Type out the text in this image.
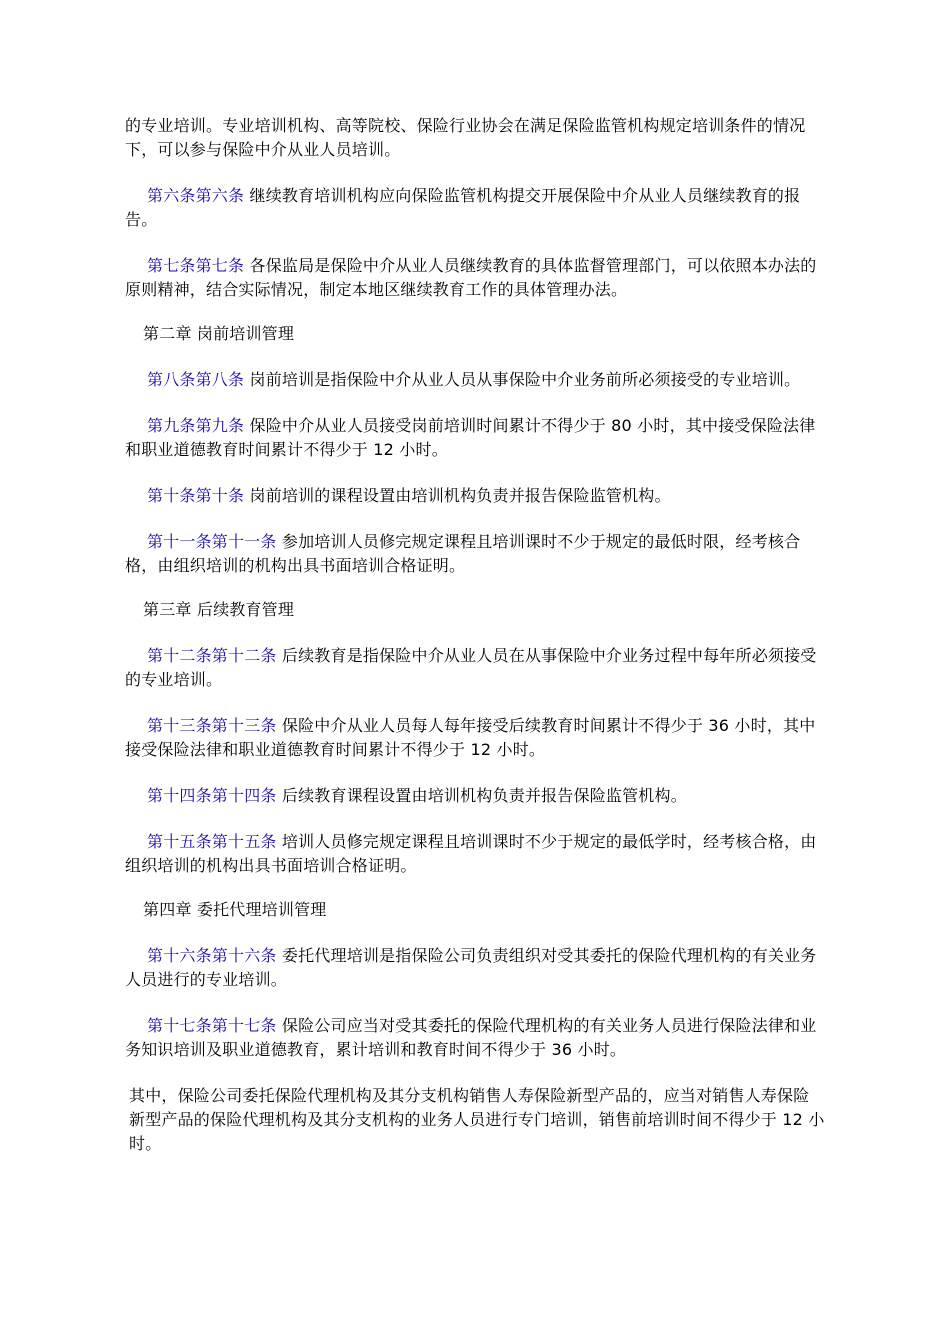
的专业培训。专业培训机构、高等院校、保险行业协会在满足保险监管机构规定培训条件的情况下，可以参与保险中介从业人员培训。

第六条第六条 继续教育培训机构应向保险监管机构提交开展保险中介从业人员继续教育的报告。

第七条第七条 各保监局是保险中介从业人员继续教育的具体监督管理部门，可以依照本办法的原则精神，结合实际情况，制定本地区继续教育工作的具体管理办法。

第二章 岗前培训管理

第八条第八条 岗前培训是指保险中介从业人员从事保险中介业务前所必须接受的专业培训。

第九条第九条 保险中介从业人员接受岗前培训时间累计不得少于 80 小时，其中接受保险法律和职业道德教育时间累计不得少于 12 小时。

第十条第十条 岗前培训的课程设置由培训机构负责并报告保险监管机构。

第十一条第十一条 参加培训人员修完规定课程且培训课时不少于规定的最低时限，经考核合格，由组织培训的机构出具书面培训合格证明。

第三章 后续教育管理

第十二条第十二条 后续教育是指保险中介从业人员在从事保险中介业务过程中每年所必须接受的专业培训。

第十三条第十三条 保险中介从业人员每人每年接受后续教育时间累计不得少于 36 小时，其中接受保险法律和职业道德教育时间累计不得少于 12 小时。

第十四条第十四条 后续教育课程设置由培训机构负责并报告保险监管机构。

第十五条第十五条 培训人员修完规定课程且培训课时不少于规定的最低学时，经考核合格，由组织培训的机构出具书面培训合格证明。

第四章 委托代理培训管理

第十六条第十六条 委托代理培训是指保险公司负责组织对受其委托的保险代理机构的有关业务人员进行的专业培训。

第十七条第十七条 保险公司应当对受其委托的保险代理机构的有关业务人员进行保险法律和业务知识培训及职业道德教育，累计培训和教育时间不得少于 36 小时。

其中，保险公司委托保险代理机构及其分支机构销售人寿保险新型产品的，应当对销售人寿保险新型产品的保险代理机构及其分支机构的业务人员进行专门培训，销售前培训时间不得少于 12 小时。
